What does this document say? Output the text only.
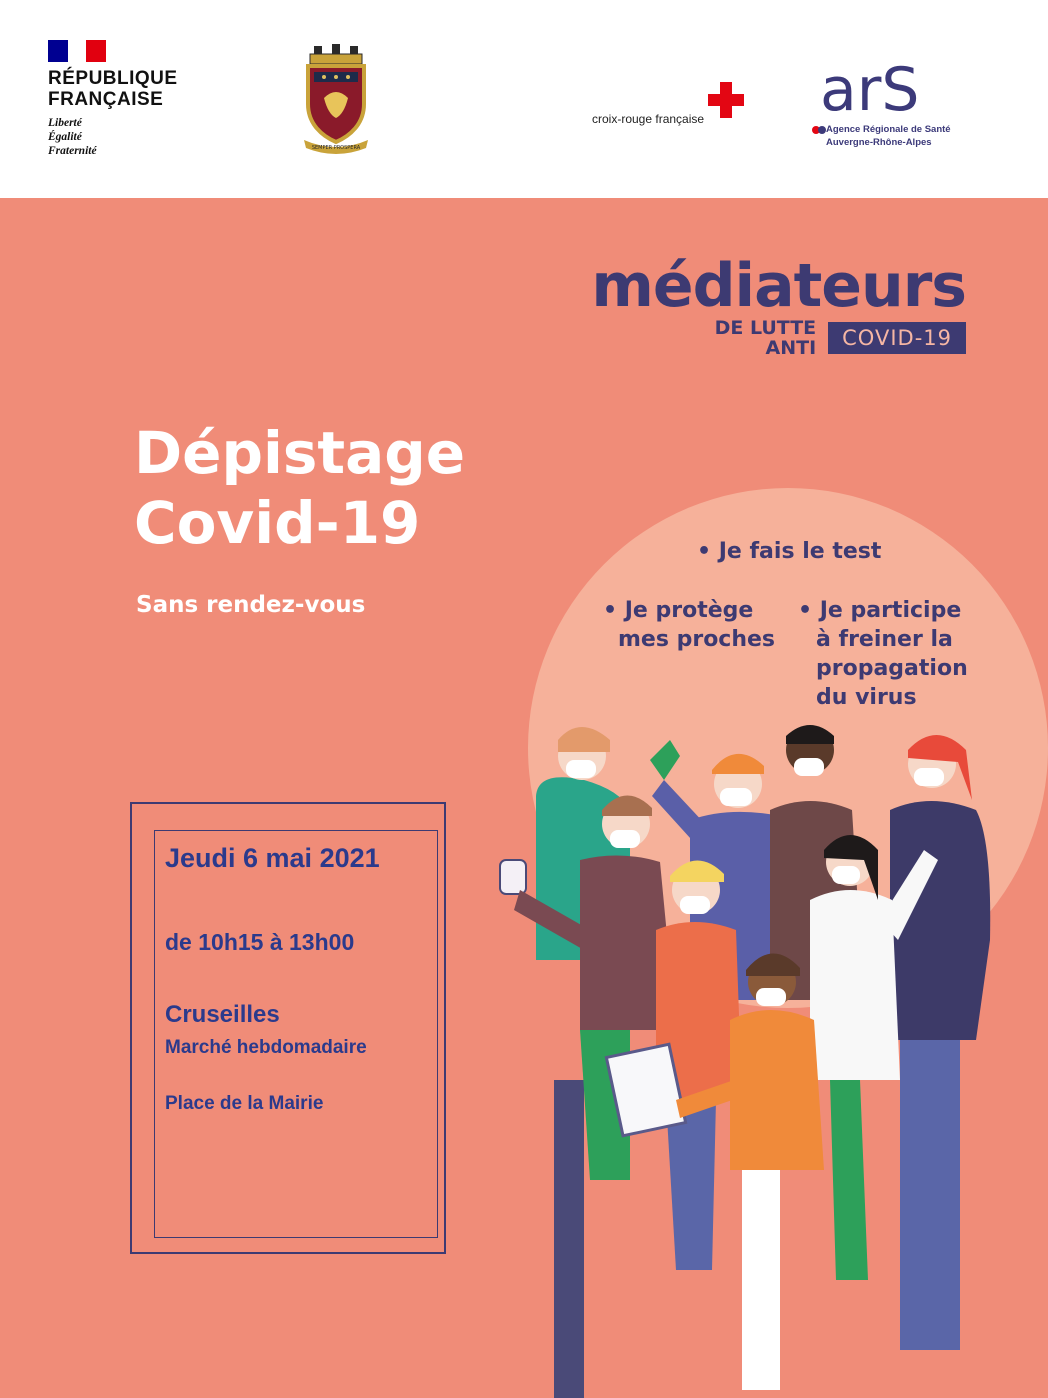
RÉPUBLIQUE
FRANÇAISE
Liberté
Égalité
Fraternité	SEMPER PROSPERA
croix-rouge française arS
Agence Régionale de Santé
Auvergne-Rhône-Alpes
médiateurs
DE LUTTE
ANTI	COVID-19
Dépistage
Covid-19
Sans rendez-vous
• Je fais le test
• Je protège
mes proches
• Je participe
à freiner la
propagation
du virus
Jeudi 6 mai 2021
de 10h15 à 13h00
Cruseilles
Marché hebdomadaire
Place de la Mairie
